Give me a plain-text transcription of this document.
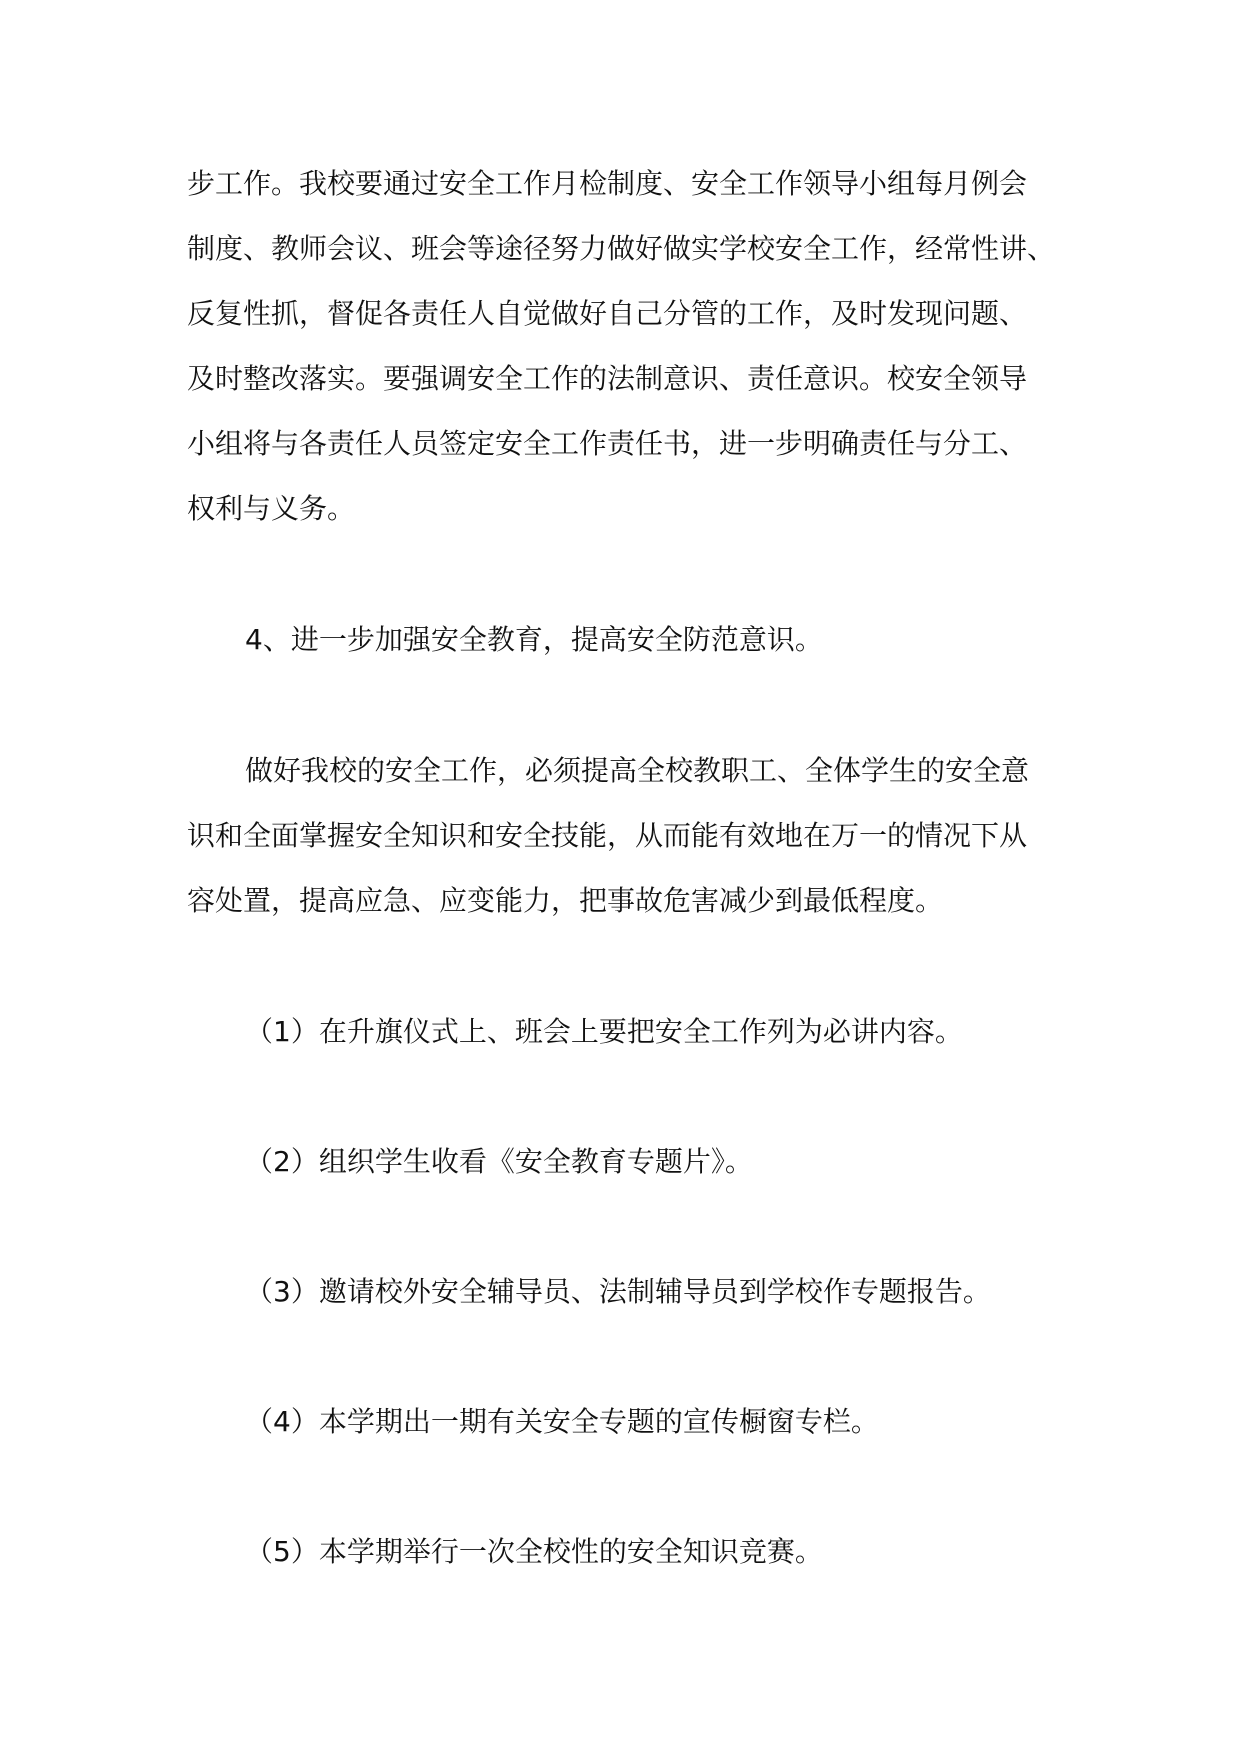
步工作。我校要通过安全工作月检制度、安全工作领导小组每月例会
制度、教师会议、班会等途径努力做好做实学校安全工作，经常性讲、
反复性抓，督促各责任人自觉做好自己分管的工作，及时发现问题、
及时整改落实。要强调安全工作的法制意识、责任意识。校安全领导
小组将与各责任人员签定安全工作责任书，进一步明确责任与分工、
权利与义务。
4、进一步加强安全教育，提高安全防范意识。
做好我校的安全工作，必须提高全校教职工、全体学生的安全意
识和全面掌握安全知识和安全技能，从而能有效地在万一的情况下从
容处置，提高应急、应变能力，把事故危害减少到最低程度。
（1）在升旗仪式上、班会上要把安全工作列为必讲内容。
（2）组织学生收看《安全教育专题片》。
（3）邀请校外安全辅导员、法制辅导员到学校作专题报告。
（4）本学期出一期有关安全专题的宣传橱窗专栏。
（5）本学期举行一次全校性的安全知识竞赛。
